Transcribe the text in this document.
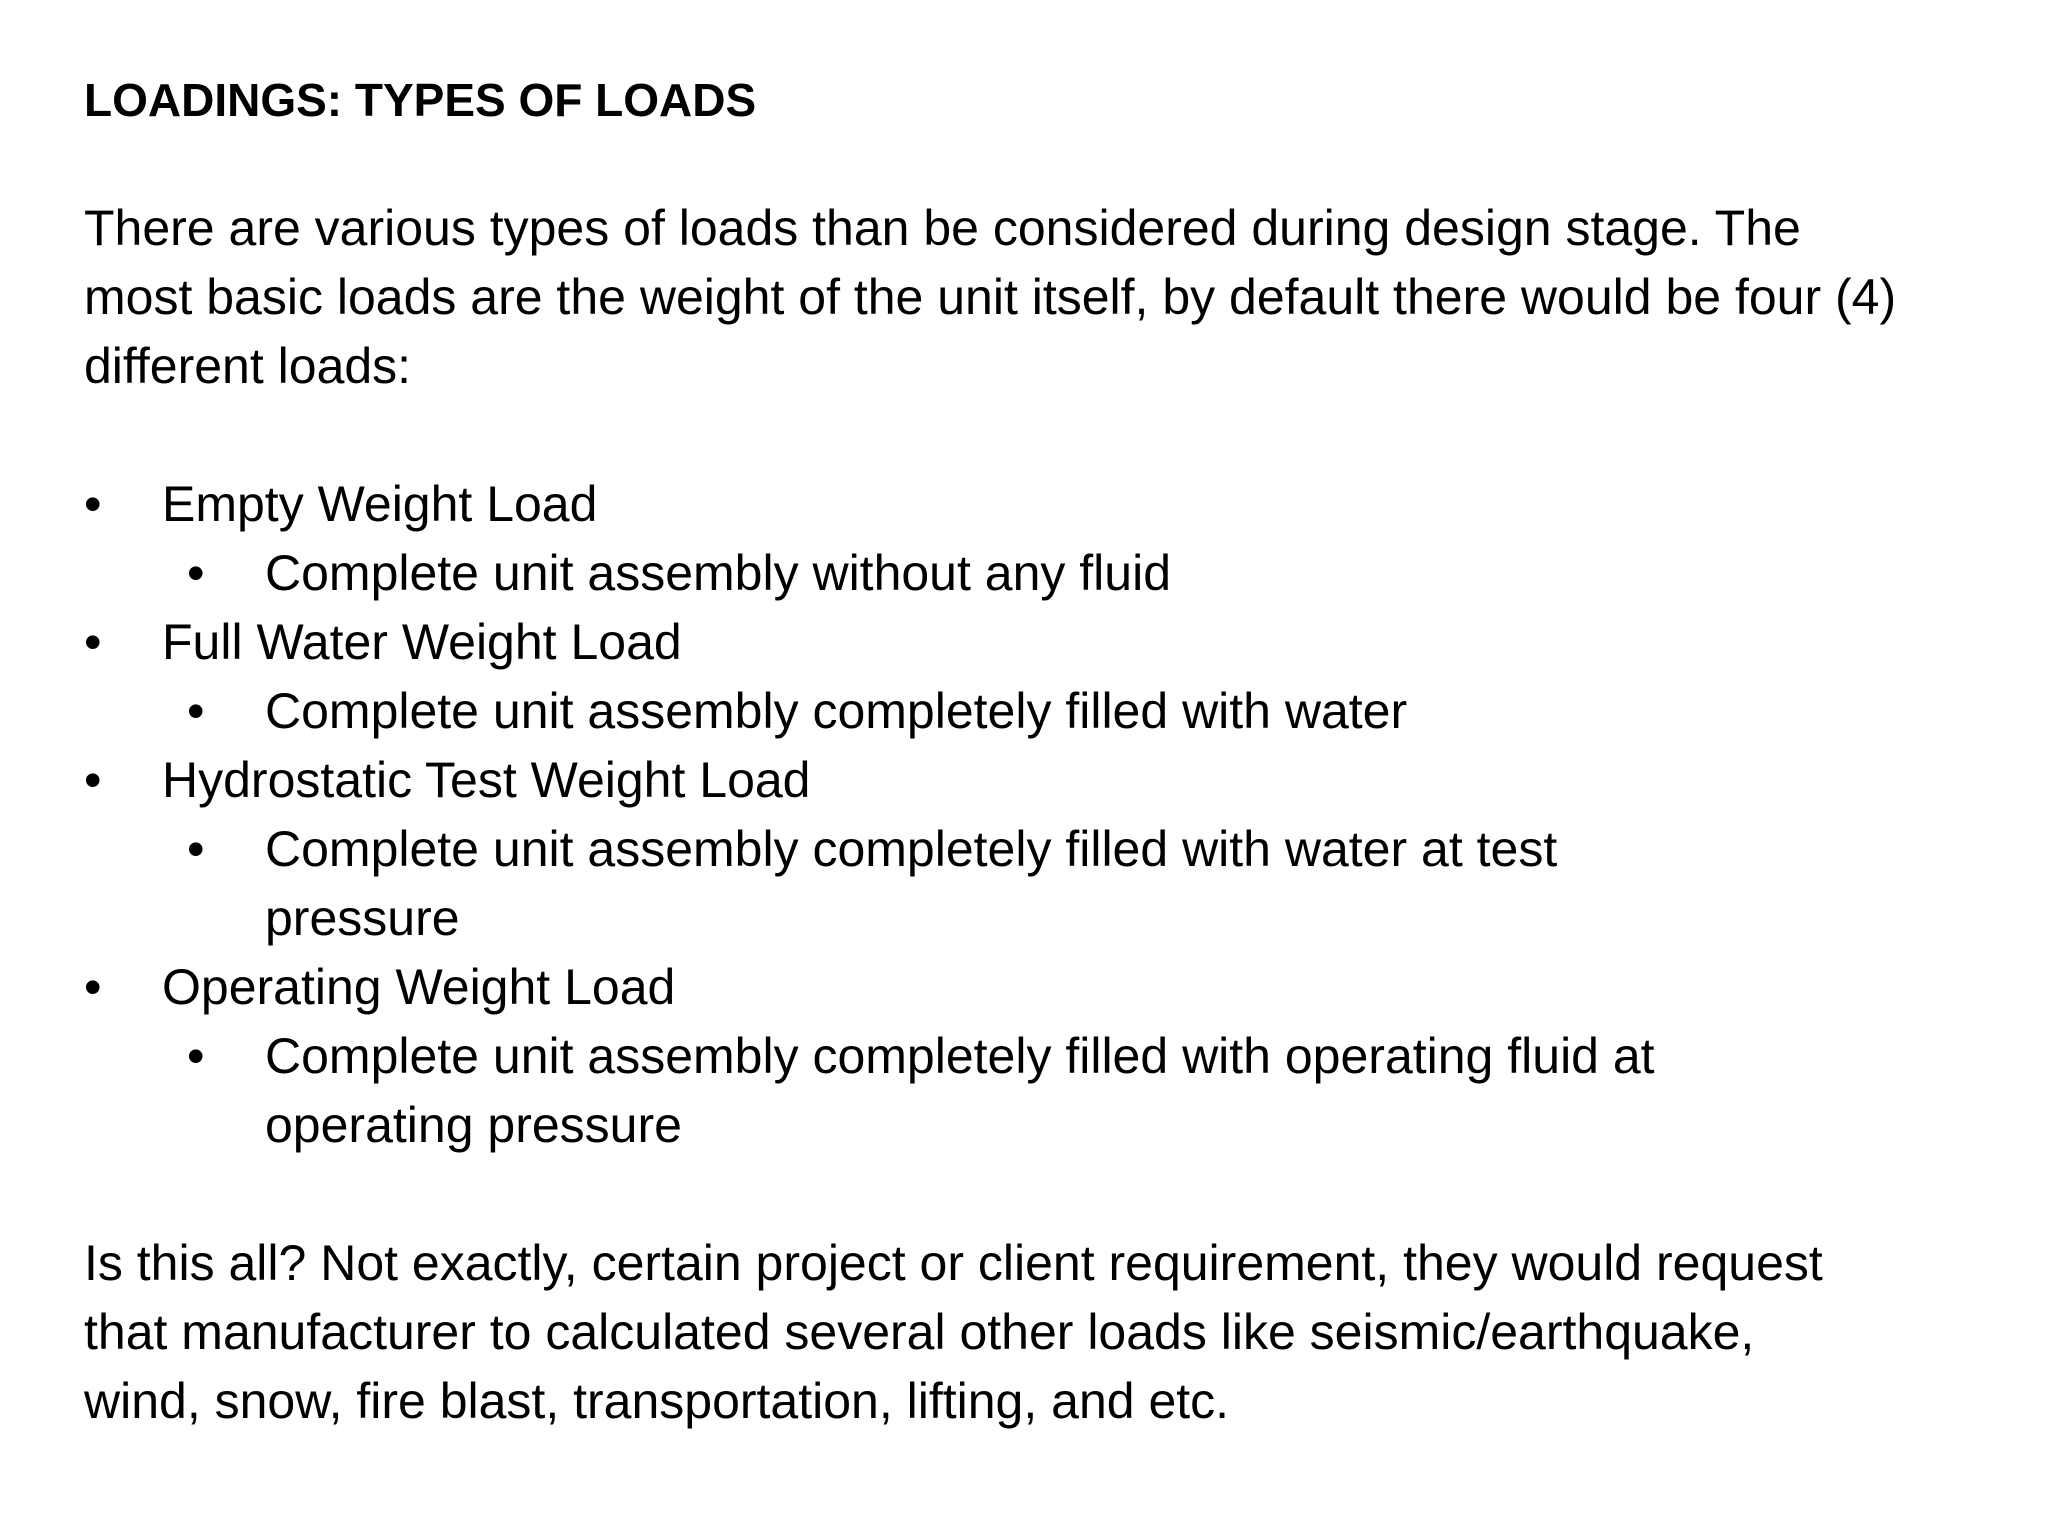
LOADINGS: TYPES OF LOADS

There are various types of loads than be considered during design stage. The most basic loads are the weight of the unit itself, by default there would be four (4) different loads:

•	Empty Weight Load
•	Complete unit assembly without any fluid
•	Full Water Weight Load
•	Complete unit assembly completely filled with water
•	Hydrostatic Test Weight Load
•	Complete unit assembly completely filled with water at test pressure
•	Operating Weight Load
•	Complete unit assembly completely filled with operating fluid at operating pressure

Is this all? Not exactly, certain project or client requirement, they would request that manufacturer to calculated several other loads like seismic/earthquake, wind, snow, fire blast, transportation, lifting, and etc.
